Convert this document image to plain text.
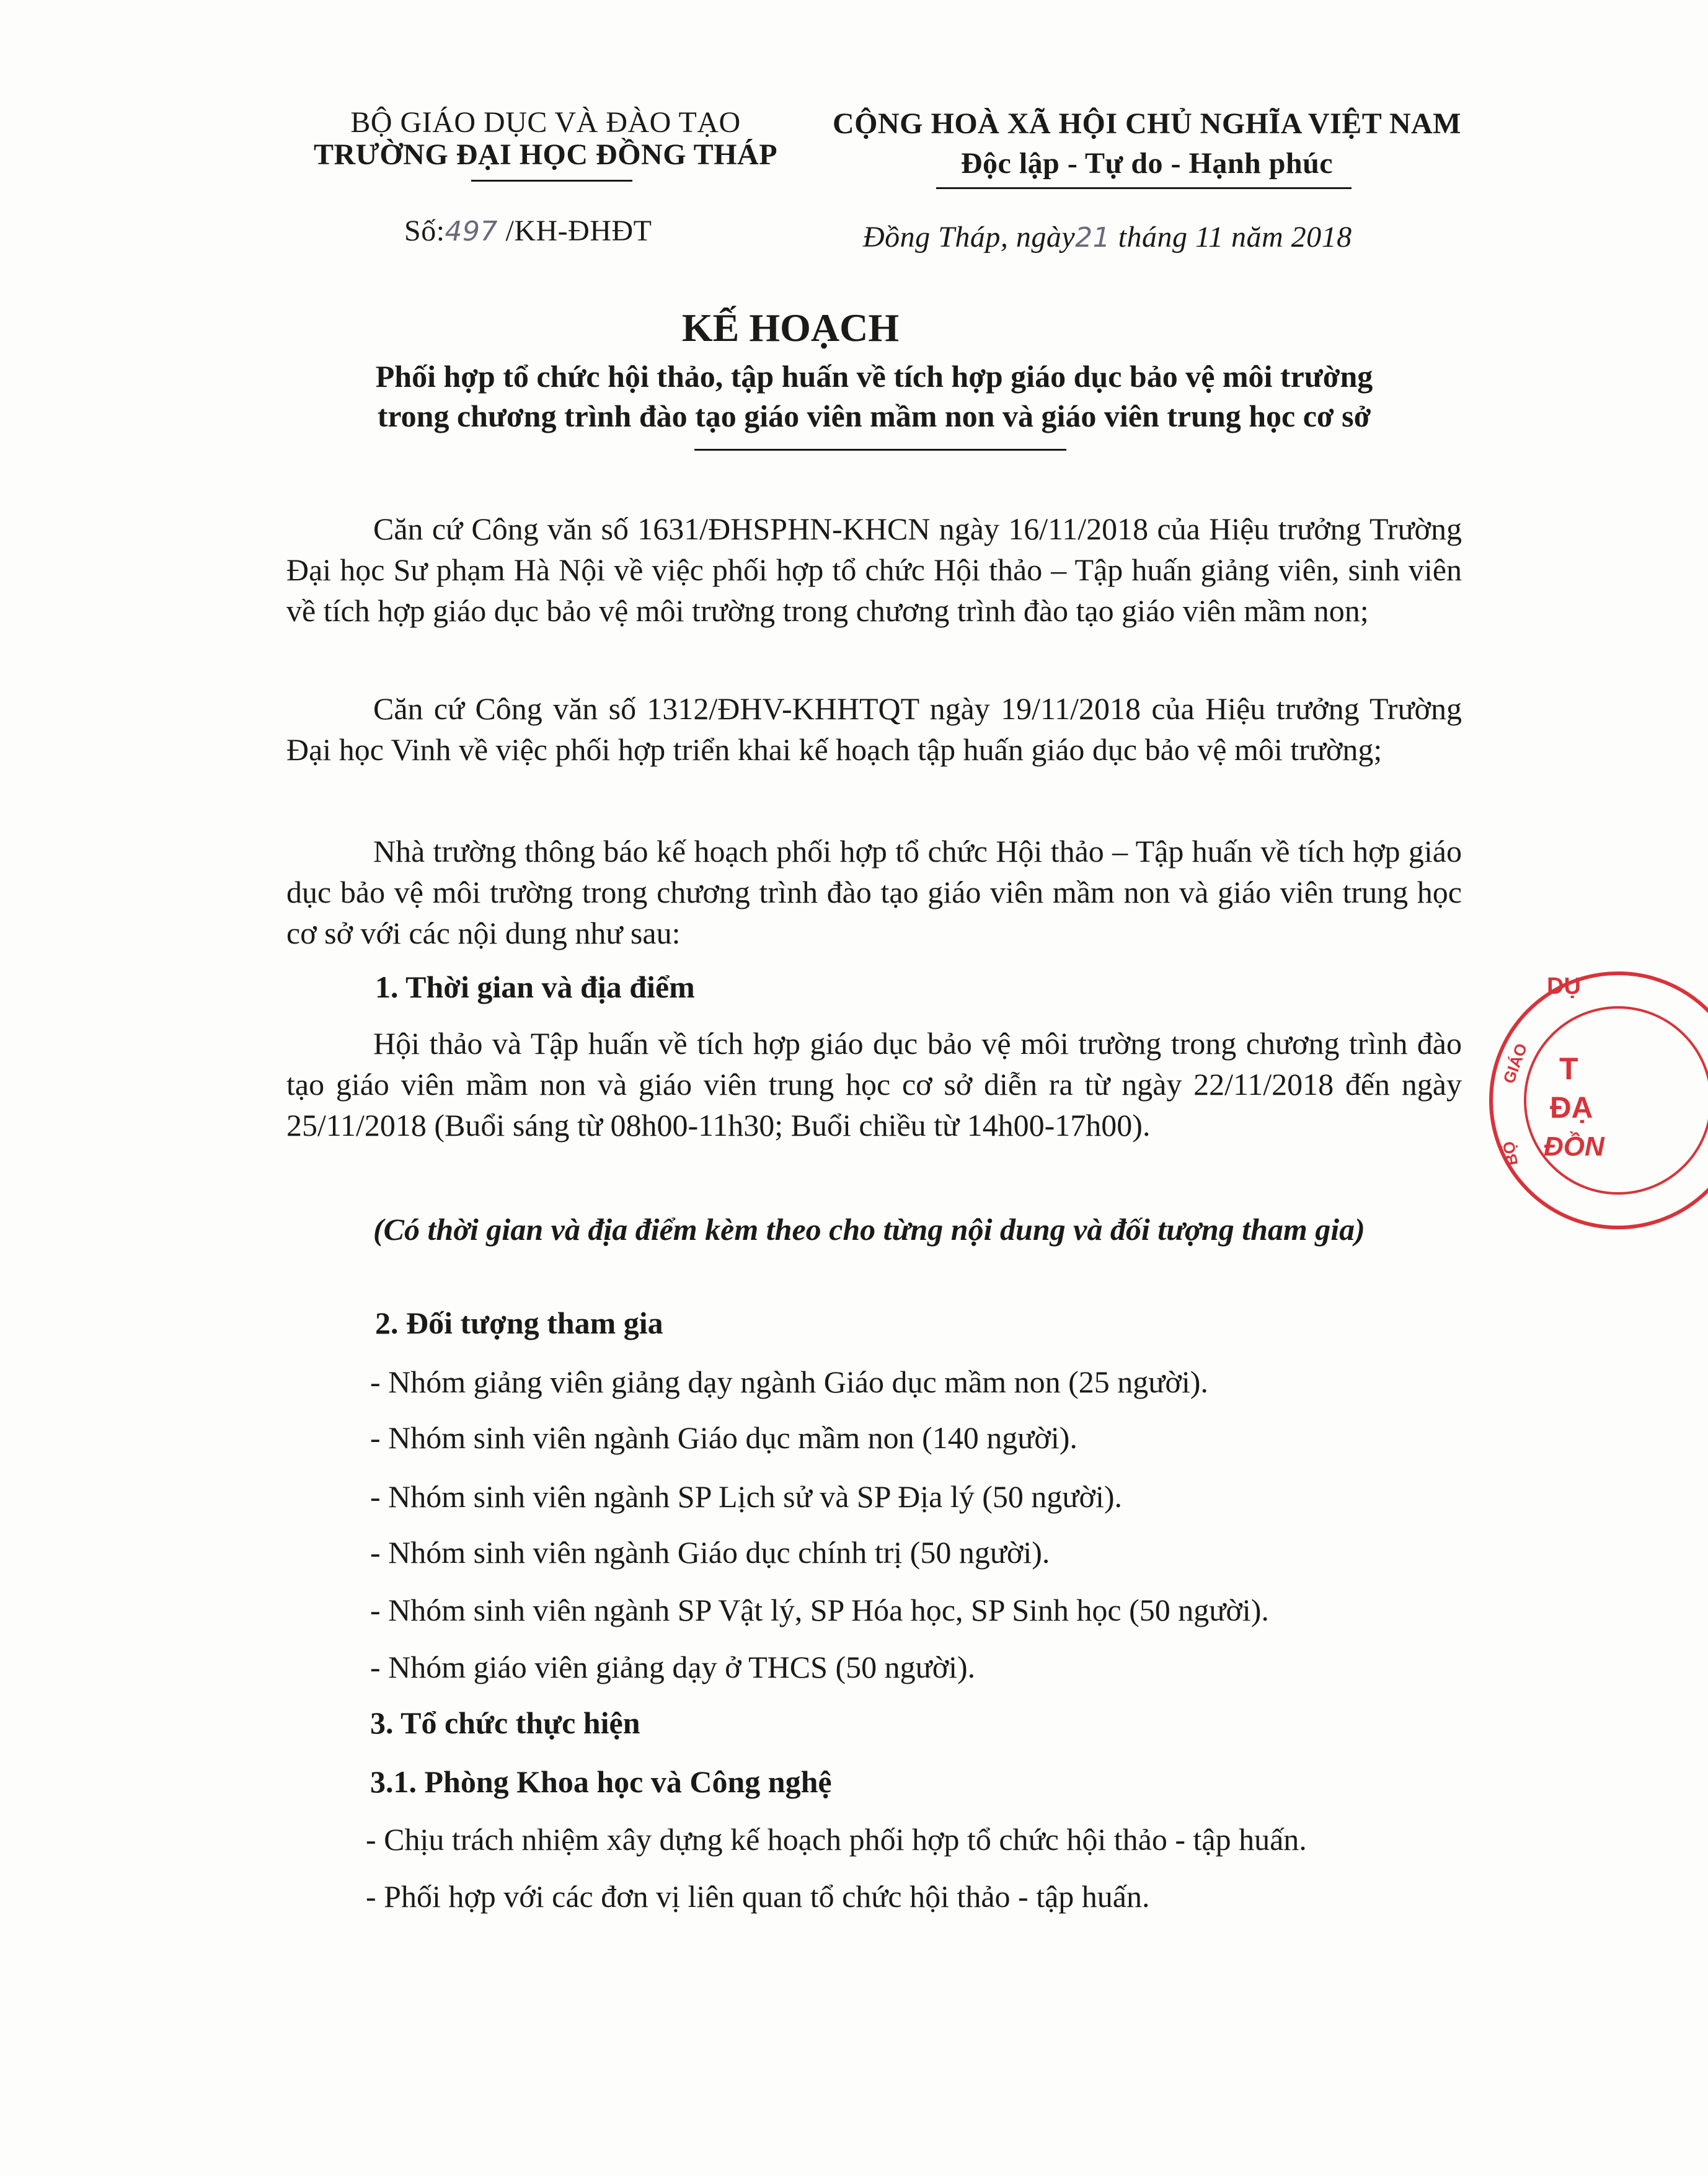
BỘ GIÁO DỤC VÀ ĐÀO TẠO
TRƯỜNG ĐẠI HỌC ĐỒNG THÁP
CỘNG HOÀ XÃ HỘI CHỦ NGHĨA VIỆT NAM
Độc lập - Tự do - Hạnh phúc
Số:497 /KH-ĐHĐT	Đồng Tháp, ngày21 tháng 11 năm 2018
KẾ HOẠCH
Phối hợp tổ chức hội thảo, tập huấn về tích hợp giáo dục bảo vệ môi trường
trong chương trình đào tạo giáo viên mầm non và giáo viên trung học cơ sở
Căn cứ Công văn số 1631/ĐHSPHN-KHCN ngày 16/11/2018 của Hiệu trưởng Trường Đại học Sư phạm Hà Nội về việc phối hợp tổ chức Hội thảo – Tập huấn giảng viên, sinh viên về tích hợp giáo dục bảo vệ môi trường trong chương trình đào tạo giáo viên mầm non;
Căn cứ Công văn số 1312/ĐHV-KHHTQT ngày 19/11/2018 của Hiệu trưởng Trường Đại học Vinh về việc phối hợp triển khai kế hoạch tập huấn giáo dục bảo vệ môi trường;
Nhà trường thông báo kế hoạch phối hợp tổ chức Hội thảo – Tập huấn về tích hợp giáo dục bảo vệ môi trường trong chương trình đào tạo giáo viên mầm non và giáo viên trung học cơ sở với các nội dung như sau:
1. Thời gian và địa điểm
Hội thảo và Tập huấn về tích hợp giáo dục bảo vệ môi trường trong chương trình đào tạo giáo viên mầm non và giáo viên trung học cơ sở diễn ra từ ngày 22/11/2018 đến ngày 25/11/2018 (Buổi sáng từ 08h00-11h30; Buổi chiều từ 14h00-17h00).
(Có thời gian và địa điểm kèm theo cho từng nội dung và đối tượng tham gia)
2. Đối tượng tham gia
- Nhóm giảng viên giảng dạy ngành Giáo dục mầm non (25 người).
- Nhóm sinh viên ngành Giáo dục mầm non (140 người).
- Nhóm sinh viên ngành SP Lịch sử và SP Địa lý (50 người).
- Nhóm sinh viên ngành Giáo dục chính trị (50 người).
- Nhóm sinh viên ngành SP Vật lý, SP Hóa học, SP Sinh học (50 người).
- Nhóm giáo viên giảng dạy ở THCS (50 người).
3. Tổ chức thực hiện
3.1. Phòng Khoa học và Công nghệ
- Chịu trách nhiệm xây dựng kế hoạch phối hợp tổ chức hội thảo - tập huấn.
- Phối hợp với các đơn vị liên quan tổ chức hội thảo - tập huấn.
DỤ
GIÁO
BỘ
T
ĐẠ
ĐỒN
